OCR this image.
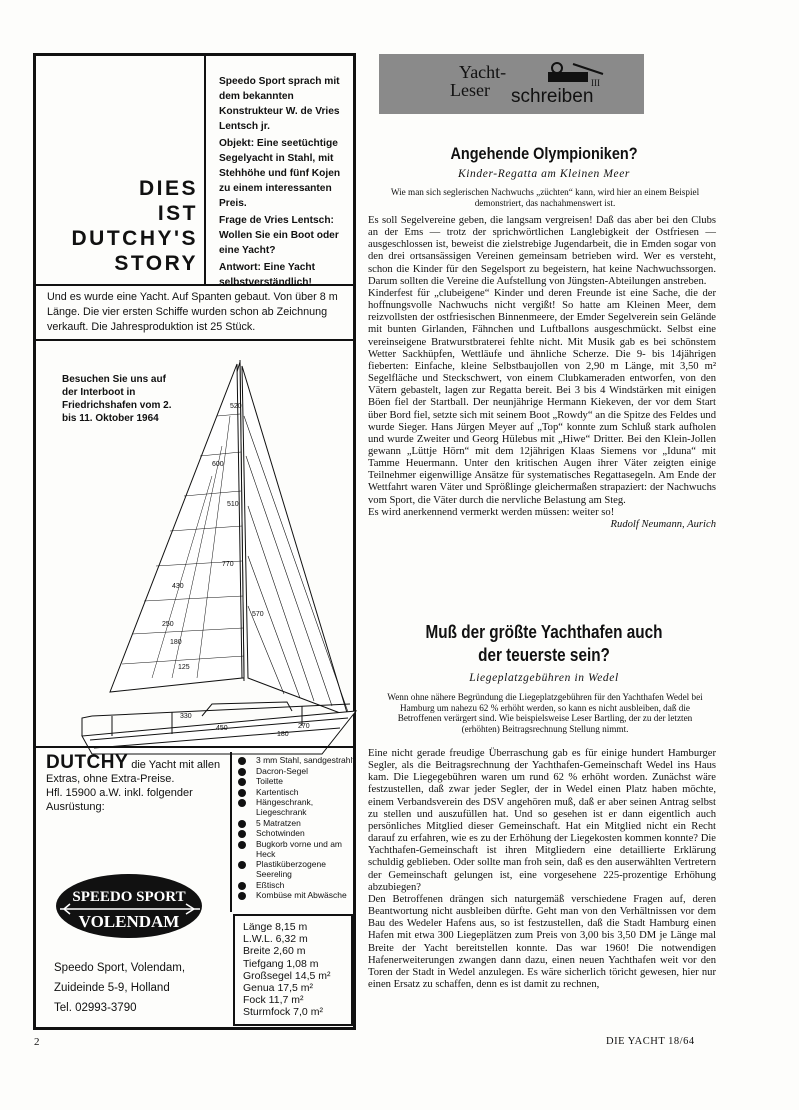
DIES
IST
DUTCHY'S
STORY

Speedo Sport sprach mit dem bekannten Konstrukteur W. de Vries Lentsch jr.

Objekt: Eine seetüchtige Segelyacht in Stahl, mit Stehhöhe und fünf Kojen zu einem interessanten Preis.

Frage de Vries Lentsch: Wollen Sie ein Boot oder eine Yacht?

Antwort: Eine Yacht selbstverständlich!

Und es wurde eine Yacht. Auf Spanten gebaut. Von über 8 m Länge. Die vier ersten Schiffe wurden schon ab Zeichnung verkauft. Die Jahresproduktion ist 25 Stück.
520
600
510
570
770
430
250
180
125
330
450	270
180
Besuchen Sie uns auf der Interboot in Friedrichshafen vom 2. bis 11. Oktober 1964
DUTCHY die Yacht mit allen Extras, ohne Extra-Preise.
Hfl. 15900 a.W. inkl. folgender Ausrüstung:
3 mm Stahl, sandgestrahlt
Dacron-Segel
Toilette
Kartentisch
Hängeschrank, Liegeschrank
5 Matratzen
Schotwinden
Bugkorb vorne und am Heck
Plastiküberzogene Seereling
Eßtisch
Kombüse mit Abwäsche
SPEEDO SPORT
VOLENDAM
Speedo Sport, Volendam,
Zuideinde 5-9, Holland
Tel. 02993-3790
Länge 8,15 m
L.W.L. 6,32 m
Breite 2,60 m
Tiefgang 1,08 m
Großsegel 14,5 m²
Genua 17,5 m²
Fock 11,7 m²
Sturmfock 7,0 m²
III
Yacht-
Leser schreiben
Angehende Olympioniken?
Kinder-Regatta am Kleinen Meer
Wie man sich seglerischen Nachwuchs „züchten“ kann, wird hier an einem Beispiel demonstriert, das nachahmenswert ist.

Es soll Segelvereine geben, die langsam vergreisen! Daß das aber bei den Clubs an der Ems — trotz der sprichwörtlichen Langlebigkeit der Ostfriesen — ausgeschlossen ist, beweist die zielstrebige Jugendarbeit, die in Emden sogar von den drei ortsansässigen Vereinen gemeinsam betrieben wird. Wer es versteht, schon die Kinder für den Segelsport zu begeistern, hat keine Nachwuchssorgen. Darum sollten die Vereine die Aufstellung von Jüngsten-Abteilungen anstreben.

Kinderfest für „clubeigene“ Kinder und deren Freunde ist eine Sache, die der hoffnungsvolle Nachwuchs nicht vergißt! So hatte am Kleinen Meer, dem reizvollsten der ostfriesischen Binnenmeere, der Emder Segelverein sein Gelände mit bunten Girlanden, Fähnchen und Luftballons ausgeschmückt. Selbst eine vereinseigene Bratwurstbraterei fehlte nicht. Mit Musik gab es bei schönstem Wetter Sackhüpfen, Wettläufe und ähnliche Scherze. Die 9- bis 14jährigen fieberten: Einfache, kleine Selbstbaujollen von 2,90 m Länge, mit 3,50 m² Segelfläche und Steckschwert, von einem Clubkameraden entworfen, von den Vätern gebastelt, lagen zur Regatta bereit. Bei 3 bis 4 Windstärken mit einigen Böen fiel der Startball. Der neunjährige Hermann Kiekeven, der vor dem Start über Bord fiel, setzte sich mit seinem Boot „Rowdy“ an die Spitze des Feldes und wurde Sieger. Hans Jürgen Meyer auf „Top“ konnte zum Schluß stark aufholen und wurde Zweiter und Georg Hülebus mit „Hiwe“ Dritter. Bei den Klein-Jollen gewann „Lüttje Hörn“ mit dem 12jährigen Klaas Siemens vor „Iduna“ mit Tamme Heuermann. Unter den kritischen Augen ihrer Väter zeigten einige Teilnehmer eigenwillige Ansätze für systematisches Regattasegeln. Am Ende der Wettfahrt waren Väter und Sprößlinge gleichermaßen strapaziert: der Nachwuchs vom Sport, die Väter durch die nervliche Belastung am Steg.

Es wird anerkennend vermerkt werden müssen: weiter so!

Rudolf Neumann, Aurich

Muß der größte Yachthafen auch
der teuerste sein?
Liegeplatzgebühren in Wedel
Wenn ohne nähere Begründung die Liegeplatzgebühren für den Yachthafen Wedel bei Hamburg um nahezu 62 % erhöht werden, so kann es nicht ausbleiben, daß die Betroffenen verärgert sind. Wie beispielsweise Leser Bartling, der zu der letzten (erhöhten) Beitragsrechnung Stellung nimmt.

Eine nicht gerade freudige Überraschung gab es für einige hundert Hamburger Segler, als die Beitragsrechnung der Yachthafen-Gemeinschaft Wedel ins Haus kam. Die Liegegebühren waren um rund 62 % erhöht worden. Zunächst wäre festzustellen, daß zwar jeder Segler, der in Wedel einen Platz haben möchte, einem Verbandsverein des DSV angehören muß, daß er aber seinen Antrag selbst zu stellen und auszufüllen hat. Und so gesehen ist er dann eigentlich auch persönliches Mitglied dieser Gemeinschaft. Hat ein Mitglied nicht ein Recht darauf zu erfahren, wie es zu der Erhöhung der Liegekosten kommen konnte? Die Yachthafen-Gemeinschaft ist ihren Mitgliedern eine detaillierte Erklärung schuldig geblieben. Oder sollte man froh sein, daß es den auserwählten Vertretern der Gemeinschaft gelungen ist, eine vorgesehene 225-prozentige Erhöhung abzubiegen?

Den Betroffenen drängen sich naturgemäß verschiedene Fragen auf, deren Beantwortung nicht ausbleiben dürfte. Geht man von den Verhältnissen vor dem Bau des Wedeler Hafens aus, so ist festzustellen, daß die Stadt Hamburg einen Hafen mit etwa 300 Liegeplätzen zum Preis von 3,00 bis 3,50 DM je Länge mal Breite der Yacht bereitstellen konnte. Das war 1960! Die notwendigen Hafenerweiterungen zwangen dann dazu, einen neuen Yachthafen weit vor den Toren der Stadt in Wedel anzulegen. Es wäre sicherlich töricht gewesen, hier nur einen Ersatz zu schaffen, denn es ist damit zu rechnen,

2	DIE YACHT 18/64
